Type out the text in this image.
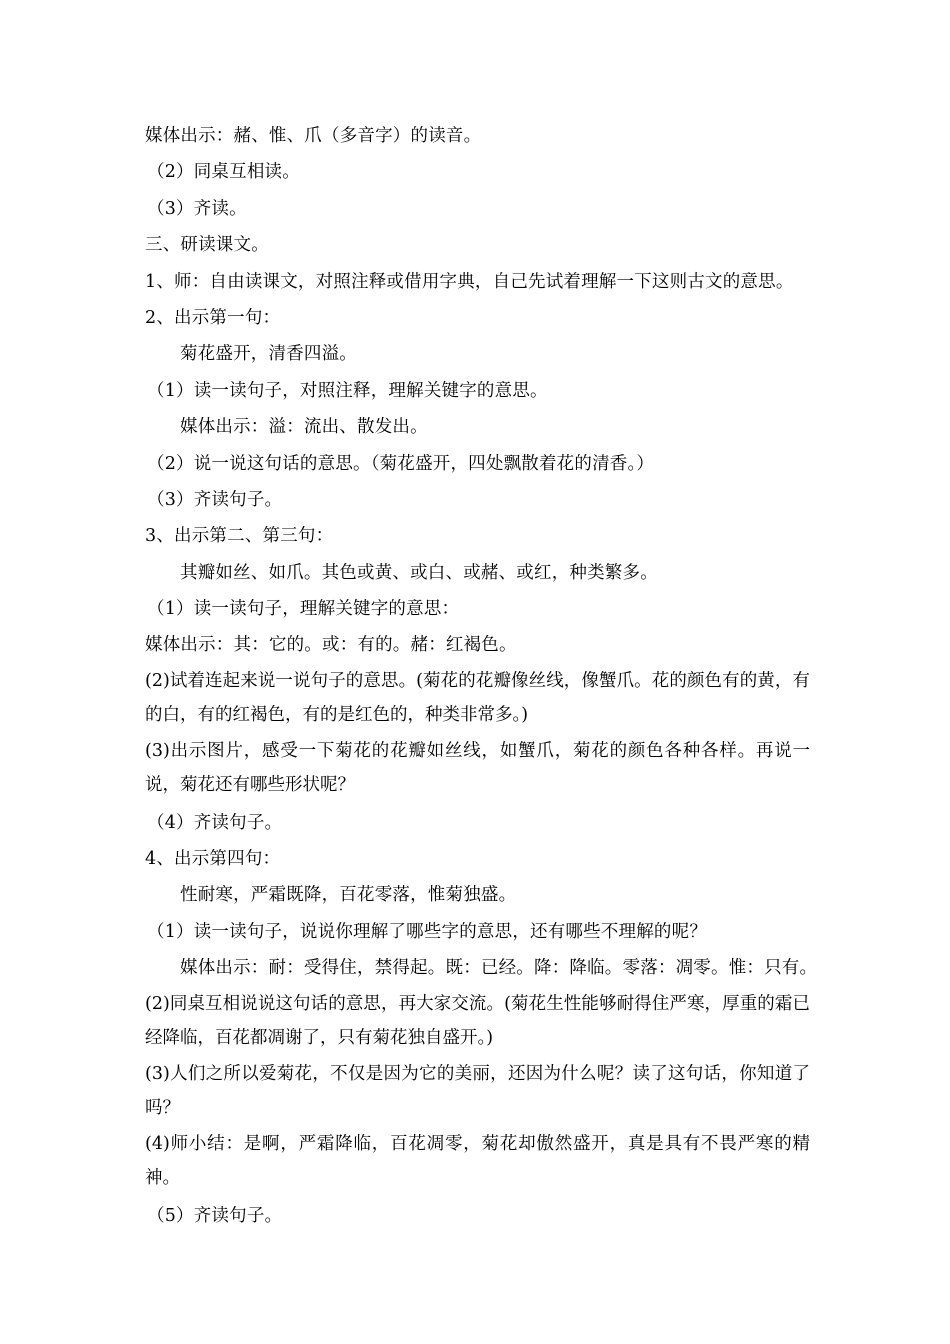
媒体出示：赭、惟、爪（多音字）的读音。
（2）同桌互相读。
（3）齐读。
三、研读课文。
1、师：自由读课文，对照注释或借用字典，自己先试着理解一下这则古文的意思。
2、出示第一句：
菊花盛开，清香四溢。
（1）读一读句子，对照注释，理解关键字的意思。
媒体出示：溢：流出、散发出。
（2）说一说这句话的意思。（菊花盛开，四处飘散着花的清香。）
（3）齐读句子。
3、出示第二、第三句：
其瓣如丝、如爪。其色或黄、或白、或赭、或红，种类繁多。
（1）读一读句子，理解关键字的意思：
媒体出示：其：它的。或：有的。赭：红褐色。
(2)试着连起来说一说句子的意思。(菊花的花瓣像丝线，像蟹爪。花的颜色有的黄，有的白，有的红褐色，有的是红色的，种类非常多。)
(3)出示图片，感受一下菊花的花瓣如丝线，如蟹爪，菊花的颜色各种各样。再说一说，菊花还有哪些形状呢？
（4）齐读句子。
4、出示第四句：
性耐寒，严霜既降，百花零落，惟菊独盛。
（1）读一读句子，说说你理解了哪些字的意思，还有哪些不理解的呢？
媒体出示：耐：受得住，禁得起。既：已经。降：降临。零落：凋零。惟：只有。
(2)同桌互相说说这句话的意思，再大家交流。(菊花生性能够耐得住严寒，厚重的霜已经降临，百花都凋谢了，只有菊花独自盛开。)
(3)人们之所以爱菊花，不仅是因为它的美丽，还因为什么呢？读了这句话，你知道了吗？
(4)师小结：是啊，严霜降临，百花凋零，菊花却傲然盛开，真是具有不畏严寒的精神。
（5）齐读句子。
